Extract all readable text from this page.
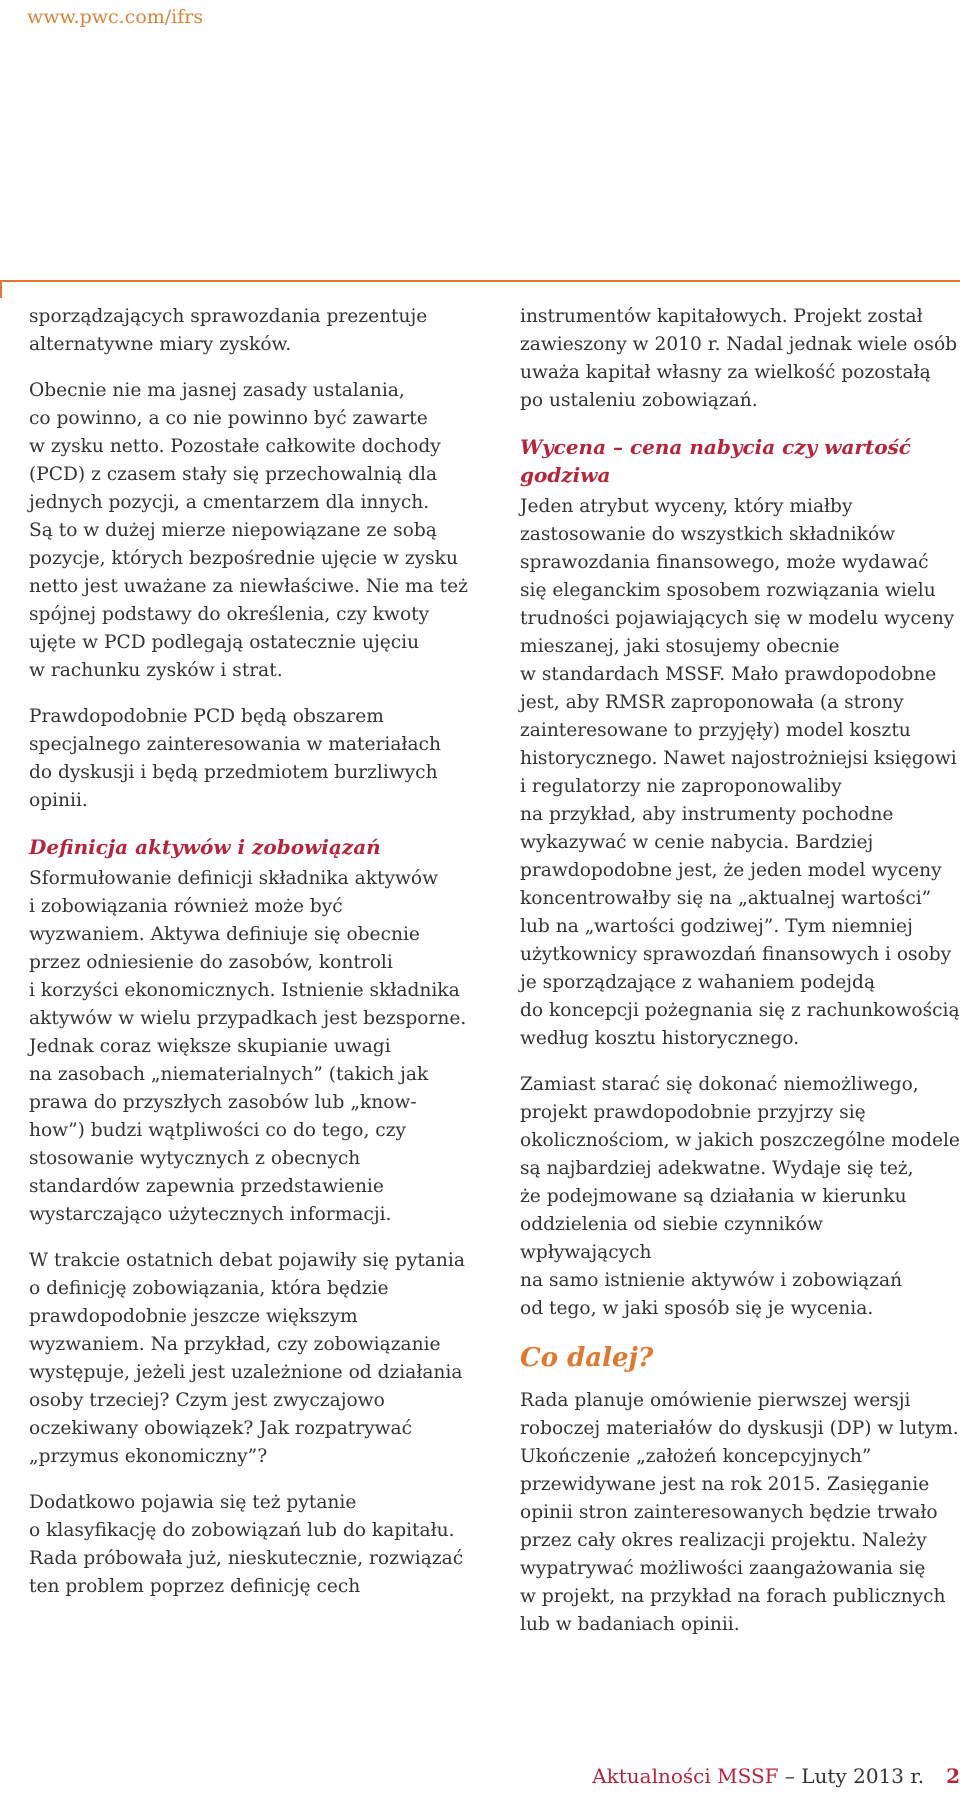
www.pwc.com/ifrs

sporządzających sprawozdania prezentuje
alternatywne miary zysków.

Obecnie nie ma jasnej zasady ustalania,
co powinno, a co nie powinno być zawarte
w zysku netto. Pozostałe całkowite dochody
(PCD) z czasem stały się przechowalnią dla
jednych pozycji, a cmentarzem dla innych.
Są to w dużej mierze niepowiązane ze sobą
pozycje, których bezpośrednie ujęcie w zysku
netto jest uważane za niewłaściwe. Nie ma też
spójnej podstawy do określenia, czy kwoty
ujęte w PCD podlegają ostatecznie ujęciu
w rachunku zysków i strat.

Prawdopodobnie PCD będą obszarem
specjalnego zainteresowania w materiałach
do dyskusji i będą przedmiotem burzliwych
opinii.

Definicja aktywów i zobowiązań

Sformułowanie definicji składnika aktywów
i zobowiązania również może być
wyzwaniem. Aktywa definiuje się obecnie
przez odniesienie do zasobów, kontroli
i korzyści ekonomicznych. Istnienie składnika
aktywów w wielu przypadkach jest bezsporne.
Jednak coraz większe skupianie uwagi
na zasobach „niematerialnych” (takich jak
prawa do przyszłych zasobów lub „know-
how”) budzi wątpliwości co do tego, czy
stosowanie wytycznych z obecnych
standardów zapewnia przedstawienie
wystarczająco użytecznych informacji.

W trakcie ostatnich debat pojawiły się pytania
o definicję zobowiązania, która będzie
prawdopodobnie jeszcze większym
wyzwaniem. Na przykład, czy zobowiązanie
występuje, jeżeli jest uzależnione od działania
osoby trzeciej? Czym jest zwyczajowo
oczekiwany obowiązek? Jak rozpatrywać
„przymus ekonomiczny”?

Dodatkowo pojawia się też pytanie
o klasyfikację do zobowiązań lub do kapitału.
Rada próbowała już, nieskutecznie, rozwiązać
ten problem poprzez definicję cech

instrumentów kapitałowych. Projekt został
zawieszony w 2010 r. Nadal jednak wiele osób
uważa kapitał własny za wielkość pozostałą
po ustaleniu zobowiązań.

Wycena – cena nabycia czy wartość
godziwa

Jeden atrybut wyceny, który miałby
zastosowanie do wszystkich składników
sprawozdania finansowego, może wydawać
się eleganckim sposobem rozwiązania wielu
trudności pojawiających się w modelu wyceny
mieszanej, jaki stosujemy obecnie
w standardach MSSF. Mało prawdopodobne
jest, aby RMSR zaproponowała (a strony
zainteresowane to przyjęły) model kosztu
historycznego. Nawet najostrożniejsi księgowi
i regulatorzy nie zaproponowaliby
na przykład, aby instrumenty pochodne
wykazywać w cenie nabycia. Bardziej
prawdopodobne jest, że jeden model wyceny
koncentrowałby się na „aktualnej wartości”
lub na „wartości godziwej”. Tym niemniej
użytkownicy sprawozdań finansowych i osoby
je sporządzające z wahaniem podejdą
do koncepcji pożegnania się z rachunkowością
według kosztu historycznego.

Zamiast starać się dokonać niemożliwego,
projekt prawdopodobnie przyjrzy się
okolicznościom, w jakich poszczególne modele
są najbardziej adekwatne. Wydaje się też,
że podejmowane są działania w kierunku
oddzielenia od siebie czynników wpływających
na samo istnienie aktywów i zobowiązań
od tego, w jaki sposób się je wycenia.

Co dalej?

Rada planuje omówienie pierwszej wersji
roboczej materiałów do dyskusji (DP) w lutym.
Ukończenie „założeń koncepcyjnych”
przewidywane jest na rok 2015. Zasięganie
opinii stron zainteresowanych będzie trwało
przez cały okres realizacji projektu. Należy
wypatrywać możliwości zaangażowania się
w projekt, na przykład na forach publicznych
lub w badaniach opinii.

Aktualności MSSF – Luty 2013 r. 2
